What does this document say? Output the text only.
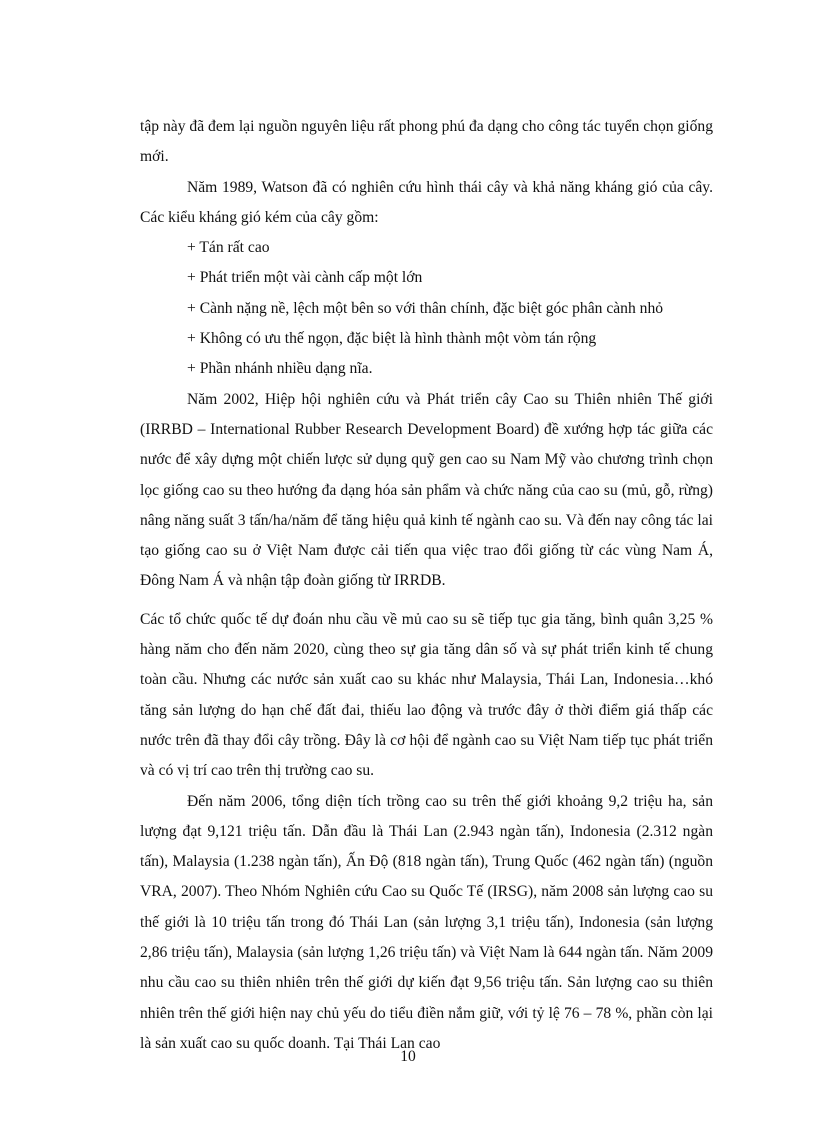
tập này đã đem lại nguồn nguyên liệu rất phong phú đa dạng cho công tác tuyển chọn giống mới.

Năm 1989, Watson đã có nghiên cứu hình thái cây và khả năng kháng gió của cây. Các kiểu kháng gió kém của cây gồm:

+ Tán rất cao

+ Phát triển một vài cành cấp một lớn

+ Cành nặng nề, lệch một bên so với thân chính, đặc biệt góc phân cành nhỏ

+ Không có ưu thế ngọn, đặc biệt là hình thành một vòm tán rộng

+ Phần nhánh nhiều dạng nĩa.

Năm 2002, Hiệp hội nghiên cứu và Phát triển cây Cao su Thiên nhiên Thế giới (IRRBD – International Rubber Research Development Board) đề xướng hợp tác giữa các nước để xây dựng một chiến lược sử dụng quỹ gen cao su Nam Mỹ vào chương trình chọn lọc giống cao su theo hướng đa dạng hóa sản phẩm và chức năng của cao su (mủ, gỗ, rừng) nâng năng suất 3 tấn/ha/năm để tăng hiệu quả kinh tế ngành cao su. Và đến nay công tác lai tạo giống cao su ở Việt Nam được cải tiến qua việc trao đổi giống từ các vùng Nam Á, Đông Nam Á và nhận tập đoàn giống từ IRRDB.

Các tổ chức quốc tế dự đoán nhu cầu về mủ cao su sẽ tiếp tục gia tăng, bình quân 3,25 % hàng năm cho đến năm 2020, cùng theo sự gia tăng dân số và sự phát triển kinh tế chung toàn cầu. Nhưng các nước sản xuất cao su khác như Malaysia, Thái Lan, Indonesia…khó tăng sản lượng do hạn chế đất đai, thiếu lao động và trước đây ở thời điểm giá thấp các nước trên đã thay đổi cây trồng. Đây là cơ hội để ngành cao su Việt Nam tiếp tục phát triển và có vị trí cao trên thị trường cao su.

Đến năm 2006, tổng diện tích trồng cao su trên thế giới khoảng 9,2 triệu ha, sản lượng đạt 9,121 triệu tấn. Dẫn đầu là Thái Lan (2.943 ngàn tấn), Indonesia (2.312 ngàn tấn), Malaysia (1.238 ngàn tấn), Ấn Độ (818 ngàn tấn), Trung Quốc (462 ngàn tấn) (nguồn VRA, 2007). Theo Nhóm Nghiên cứu Cao su Quốc Tế (IRSG), năm 2008 sản lượng cao su thế giới là 10 triệu tấn trong đó Thái Lan (sản lượng 3,1 triệu tấn), Indonesia (sản lượng 2,86 triệu tấn), Malaysia (sản lượng 1,26 triệu tấn) và Việt Nam là 644 ngàn tấn. Năm 2009 nhu cầu cao su thiên nhiên trên thế giới dự kiến đạt 9,56 triệu tấn. Sản lượng cao su thiên nhiên trên thế giới hiện nay chủ yếu do tiểu điền nắm giữ, với tỷ lệ 76 – 78 %, phần còn lại là sản xuất cao su quốc doanh. Tại Thái Lan cao

10
